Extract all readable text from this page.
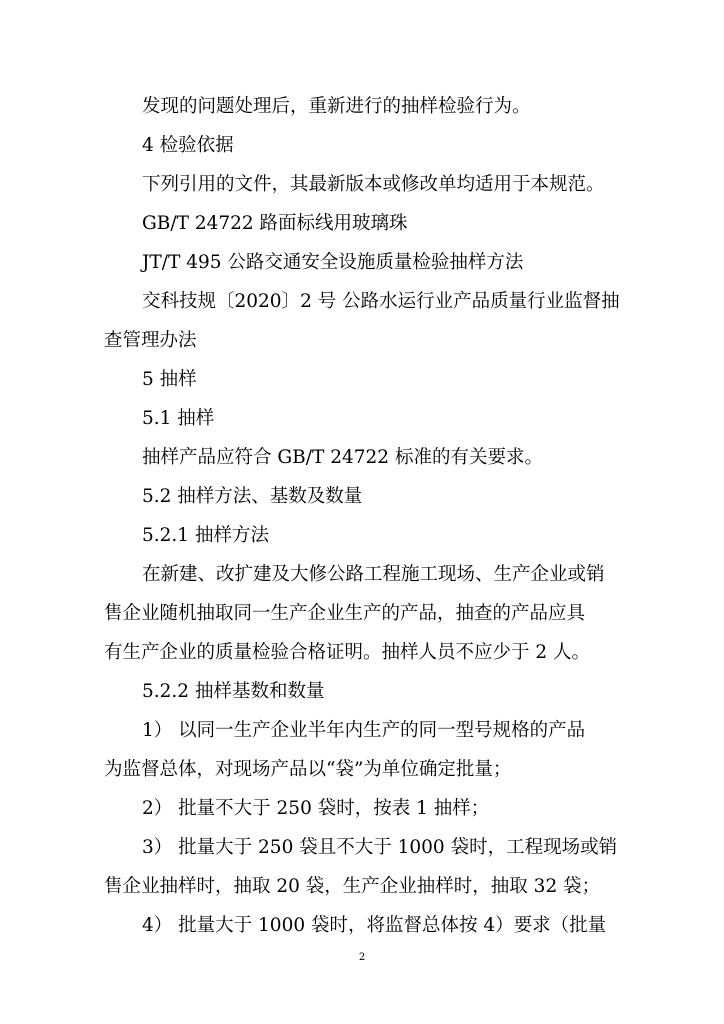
发现的问题处理后，重新进行的抽样检验行为。
4 检验依据
下列引用的文件，其最新版本或修改单均适用于本规范。
GB/T 24722 路面标线用玻璃珠
JT/T 495 公路交通安全设施质量检验抽样方法
交科技规〔2020〕2 号 公路水运行业产品质量行业监督抽
查管理办法
5 抽样
5.1 抽样
抽样产品应符合 GB/T 24722 标准的有关要求。
5.2 抽样方法、基数及数量
5.2.1 抽样方法
在新建、改扩建及大修公路工程施工现场、生产企业或销
售企业随机抽取同一生产企业生产的产品，抽查的产品应具
有生产企业的质量检验合格证明。抽样人员不应少于 2 人。
5.2.2 抽样基数和数量
1） 以同一生产企业半年内生产的同一型号规格的产品
为监督总体，对现场产品以“袋”为单位确定批量；
2） 批量不大于 250 袋时，按表 1 抽样；
3） 批量大于 250 袋且不大于 1000 袋时，工程现场或销
售企业抽样时，抽取 20 袋，生产企业抽样时，抽取 32 袋；
4） 批量大于 1000 袋时，将监督总体按 4）要求（批量
2
